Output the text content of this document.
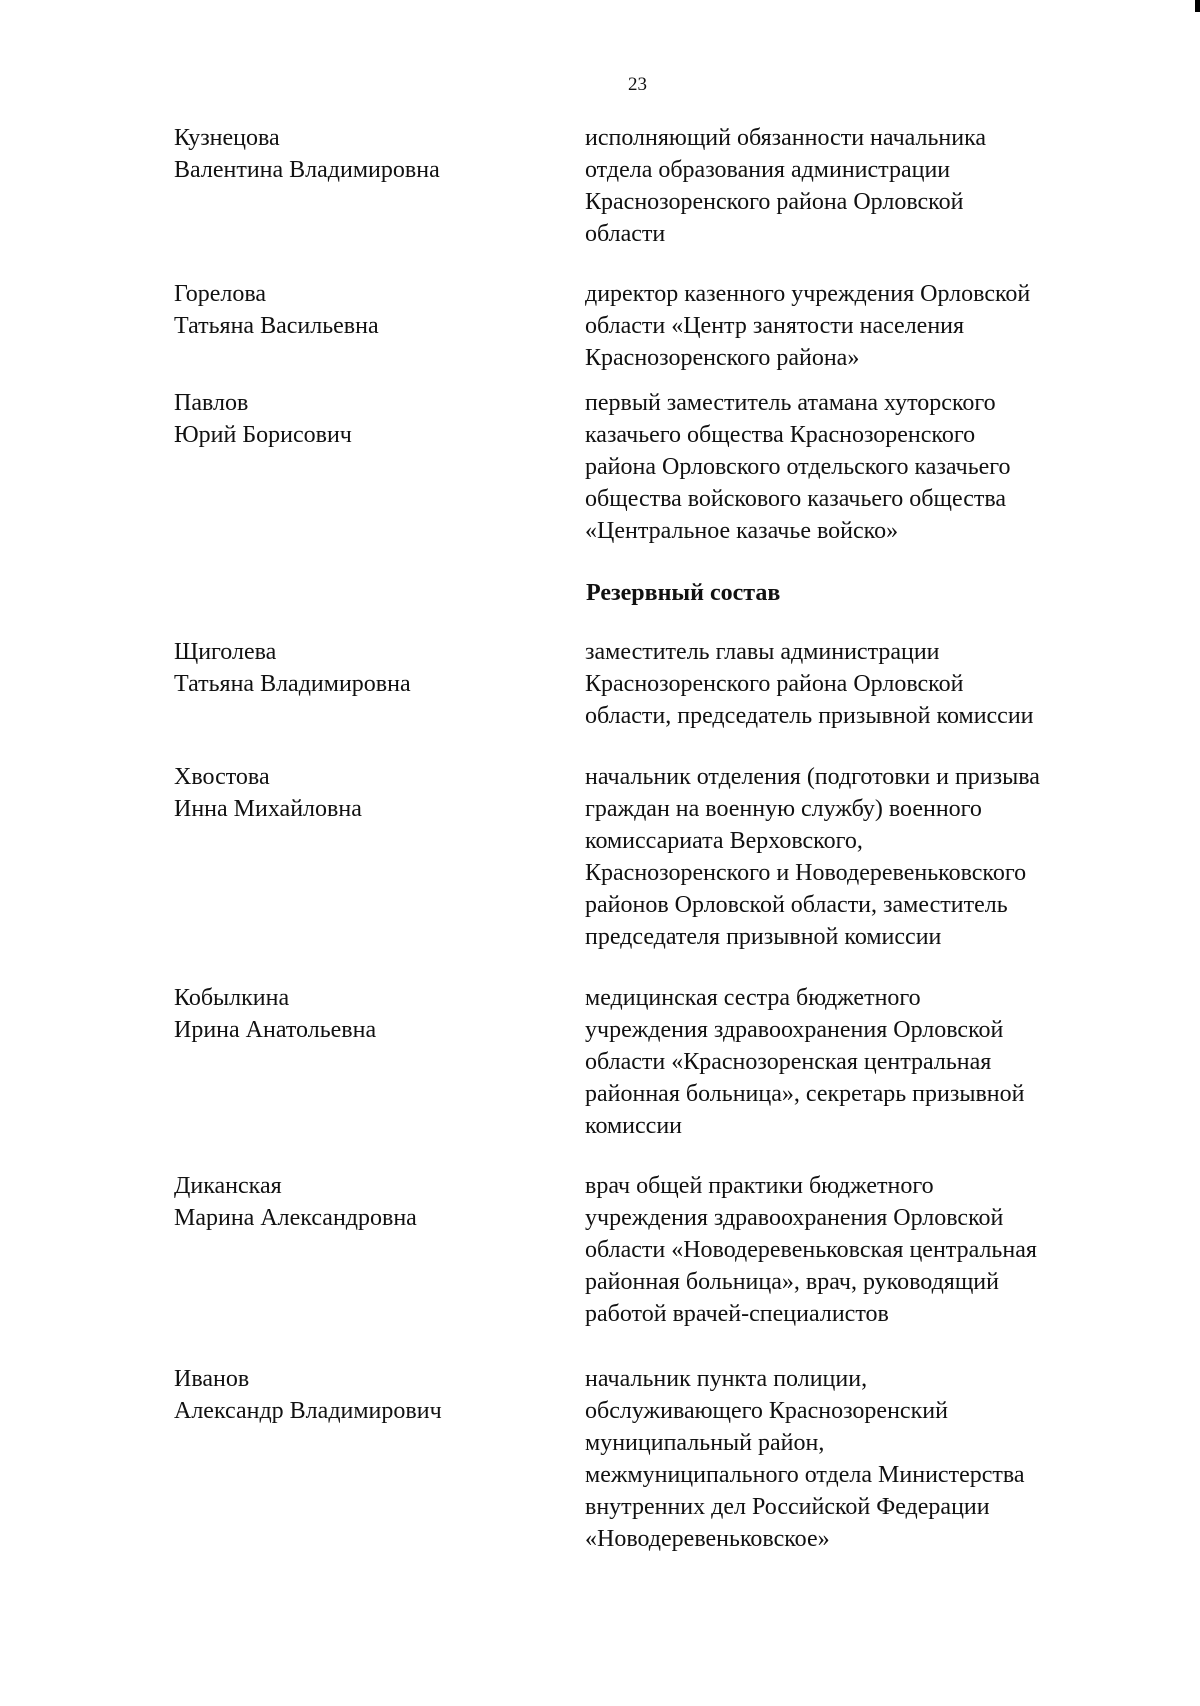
23
Кузнецова
Валентина Владимировна
исполняющий обязанности начальника
отдела образования администрации
Краснозоренского района Орловской
области
Горелова
Татьяна Васильевна
директор казенного учреждения Орловской
области «Центр занятости населения
Краснозоренского района»
Павлов
Юрий Борисович
первый заместитель атамана хуторского
казачьего общества Краснозоренского
района Орловского отдельского казачьего
общества войскового казачьего общества
«Центральное казачье войско»
Резервный состав
Щиголева
Татьяна Владимировна
заместитель главы администрации
Краснозоренского района Орловской
области, председатель призывной комиссии
Хвостова
Инна Михайловна
начальник отделения (подготовки и призыва
граждан на военную службу) военного
комиссариата Верховского,
Краснозоренского и Новодеревеньковского
районов Орловской области, заместитель
председателя призывной комиссии
Кобылкина
Ирина Анатольевна
медицинская сестра бюджетного
учреждения здравоохранения Орловской
области «Краснозоренская центральная
районная больница», секретарь призывной
комиссии
Диканская
Марина Александровна
врач общей практики бюджетного
учреждения здравоохранения Орловской
области «Новодеревеньковская центральная
районная больница», врач, руководящий
работой врачей-специалистов
Иванов
Александр Владимирович
начальник пункта полиции,
обслуживающего Краснозоренский
муниципальный район,
межмуниципального отдела Министерства
внутренних дел Российской Федерации
«Новодеревеньковское»
